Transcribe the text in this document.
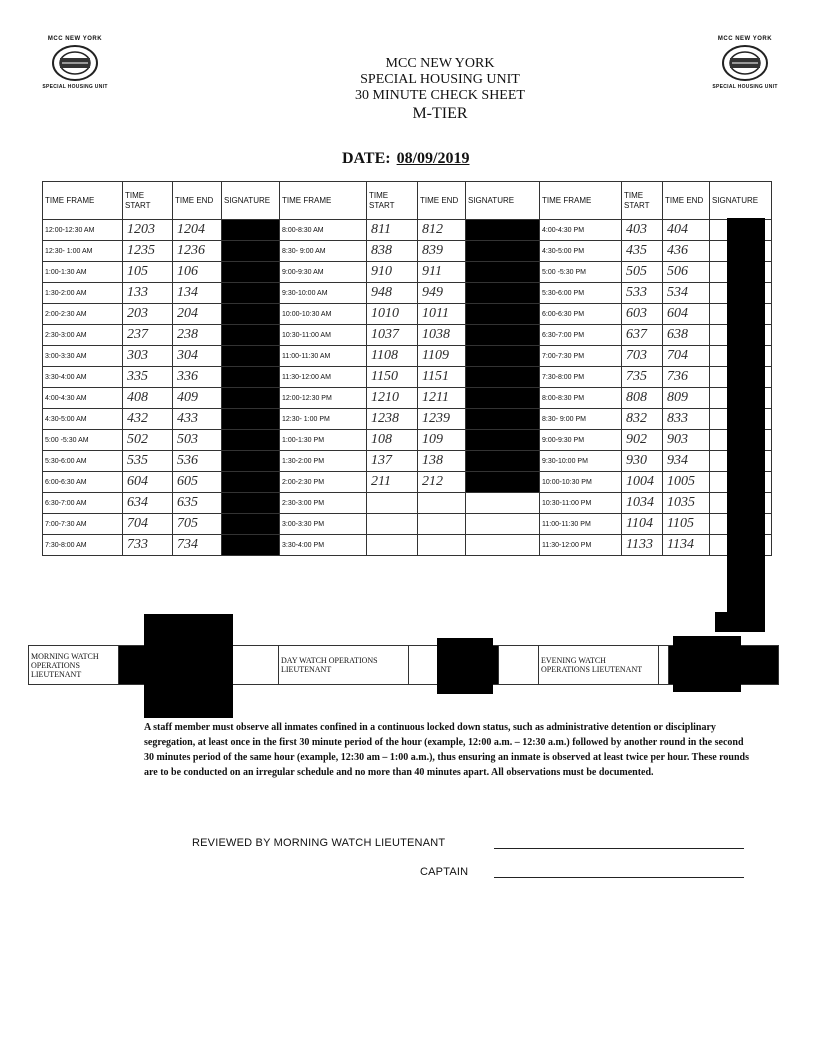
MCC NEW YORK
SPECIAL HOUSING UNIT
MCC NEW YORK
SPECIAL HOUSING UNIT
MCC NEW YORK
SPECIAL HOUSING UNIT
30 MINUTE CHECK SHEET
M-TIER
DATE: 08/09/2019
TIME FRAME	TIME START	TIME END	SIGNATURE	TIME FRAME	TIME START	TIME END	SIGNATURE	TIME FRAME	TIME START	TIME END	SIGNATURE
12:00-12:30 AM	1203	1204		8:00-8:30 AM	811	812		4:00-4:30 PM	403	404	
12:30- 1:00 AM	1235	1236		8:30- 9:00 AM	838	839		4:30-5:00 PM	435	436	
1:00-1:30 AM	105	106		9:00-9:30 AM	910	911		5:00 -5:30 PM	505	506	
1:30-2:00 AM	133	134		9:30-10:00 AM	948	949		5:30-6:00 PM	533	534	
2:00-2:30 AM	203	204		10:00-10:30 AM	1010	1011		6:00-6:30 PM	603	604	
2:30-3:00 AM	237	238		10:30-11:00 AM	1037	1038		6:30-7:00 PM	637	638	
3:00-3:30 AM	303	304		11:00-11:30 AM	1108	1109		7:00-7:30 PM	703	704	
3:30-4:00 AM	335	336		11:30-12:00 AM	1150	1151		7:30-8:00 PM	735	736	
4:00-4:30 AM	408	409		12:00-12:30 PM	1210	1211		8:00-8:30 PM	808	809	
4:30-5:00 AM	432	433		12:30- 1:00 PM	1238	1239		8:30- 9:00 PM	832	833	
5:00 -5:30 AM	502	503		1:00-1:30 PM	108	109		9:00-9:30 PM	902	903	
5:30-6:00 AM	535	536		1:30-2:00 PM	137	138		9:30-10:00 PM	930	934	
6:00-6:30 AM	604	605		2:00-2:30 PM	211	212		10:00-10:30 PM	1004	1005	
6:30-7:00 AM	634	635		2:30-3:00 PM				10:30-11:00 PM	1034	1035	
7:00-7:30 AM	704	705		3:00-3:30 PM				11:00-11:30 PM	1104	1105	
7:30-8:00 AM	733	734		3:30-4:00 PM				11:30-12:00 PM	1133	1134	
MORNING WATCH OPERATIONS LIEUTENANT			DAY WATCH OPERATIONS LIEUTENANT				EVENING WATCH OPERATIONS LIEUTENANT		
A staff member must observe all inmates confined in a continuous locked down status, such as administrative detention or disciplinary segregation, at least once in the first 30 minute period of the hour (example, 12:00 a.m. – 12:30 a.m.) followed by another round in the second 30 minutes period of the same hour (example, 12:30 am – 1:00 a.m.), thus ensuring an inmate is observed at least twice per hour. These rounds are to be conducted on an irregular schedule and no more than 40 minutes apart. All observations must be documented.
REVIEWED BY MORNING WATCH LIEUTENANT
CAPTAIN
